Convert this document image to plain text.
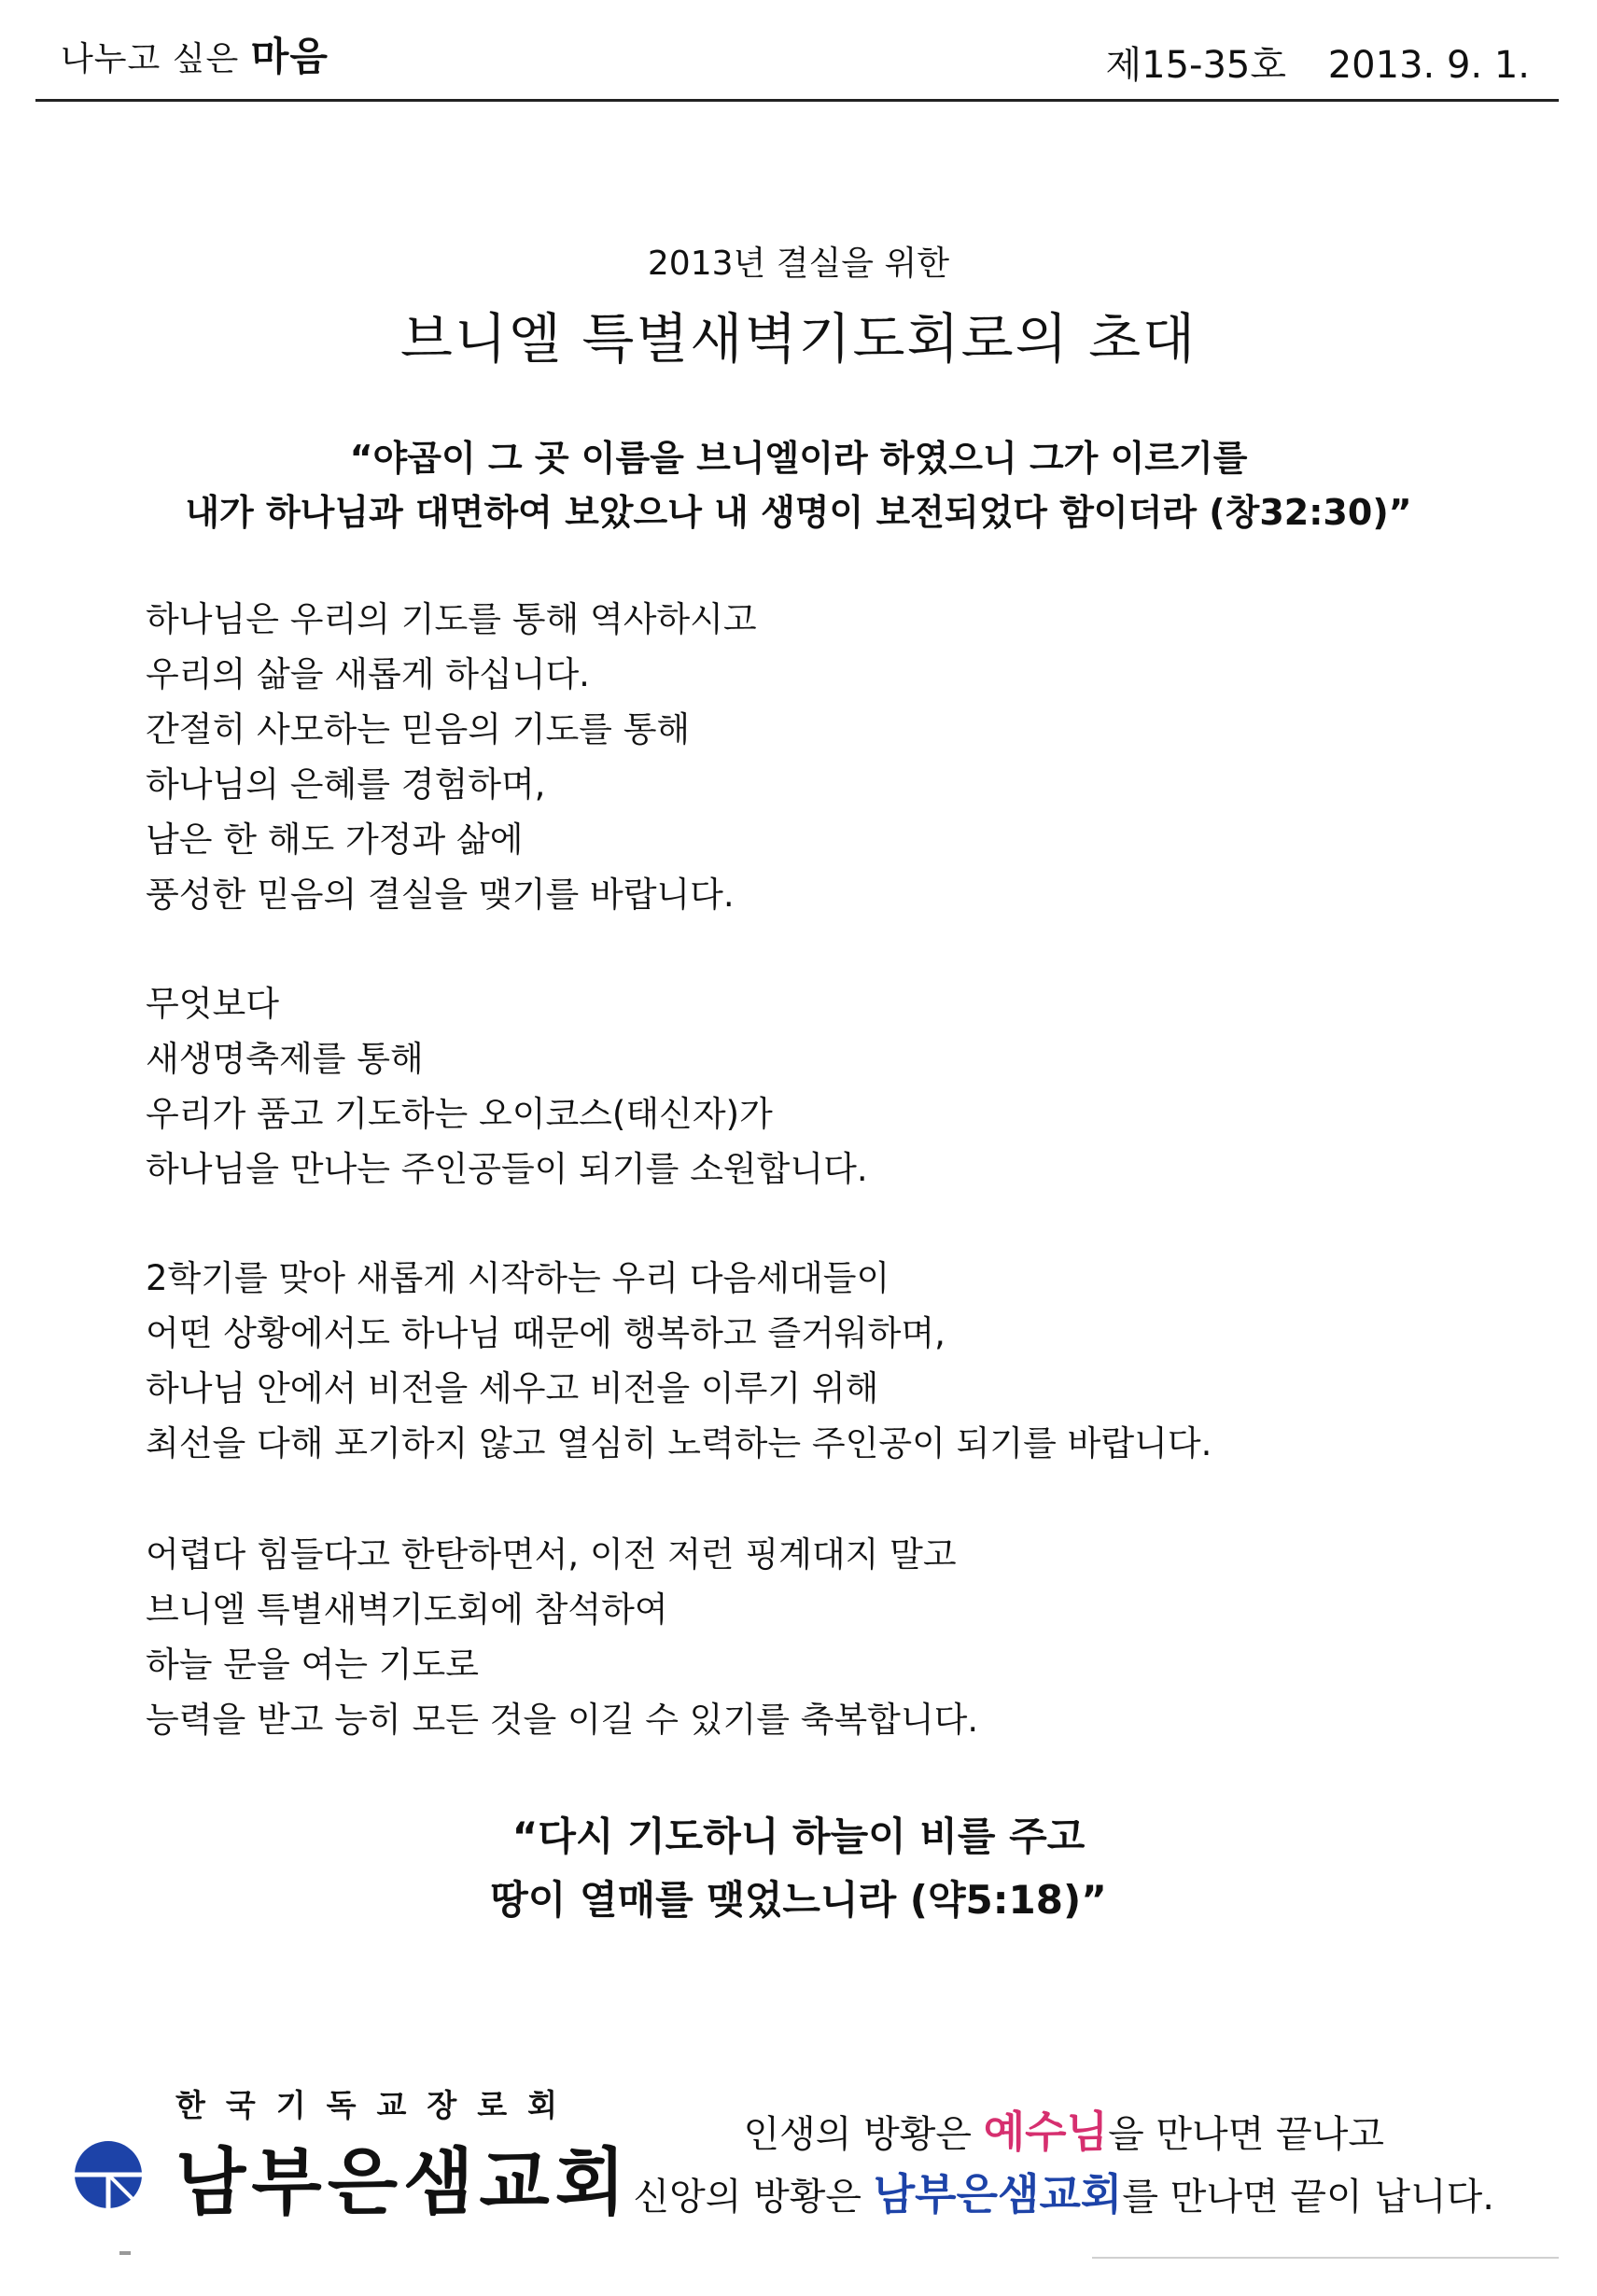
나누고 싶은 마음	제15-35호 2013. 9. 1.
2013년 결실을 위한
브니엘 특별새벽기도회로의 초대
“야곱이 그 곳 이름을 브니엘이라 하였으니 그가 이르기를
내가 하나님과 대면하여 보았으나 내 생명이 보전되었다 함이더라 (창32:30)”
하나님은 우리의 기도를 통해 역사하시고
우리의 삶을 새롭게 하십니다.
간절히 사모하는 믿음의 기도를 통해
하나님의 은혜를 경험하며,
남은 한 해도 가정과 삶에
풍성한 믿음의 결실을 맺기를 바랍니다.
무엇보다
새생명축제를 통해
우리가 품고 기도하는 오이코스(태신자)가
하나님을 만나는 주인공들이 되기를 소원합니다.
2학기를 맞아 새롭게 시작하는 우리 다음세대들이
어떤 상황에서도 하나님 때문에 행복하고 즐거워하며,
하나님 안에서 비전을 세우고 비전을 이루기 위해
최선을 다해 포기하지 않고 열심히 노력하는 주인공이 되기를 바랍니다.
어렵다 힘들다고 한탄하면서, 이전 저런 핑계대지 말고
브니엘 특별새벽기도회에 참석하여
하늘 문을 여는 기도로
능력을 받고 능히 모든 것을 이길 수 있기를 축복합니다.
“다시 기도하니 하늘이 비를 주고
땅이 열매를 맺었느니라 (약5:18)”
한국기독교장로회
남부은샘교회
인생의 방황은 예수님을 만나면 끝나고
신앙의 방황은 남부은샘교회를 만나면 끝이 납니다.
